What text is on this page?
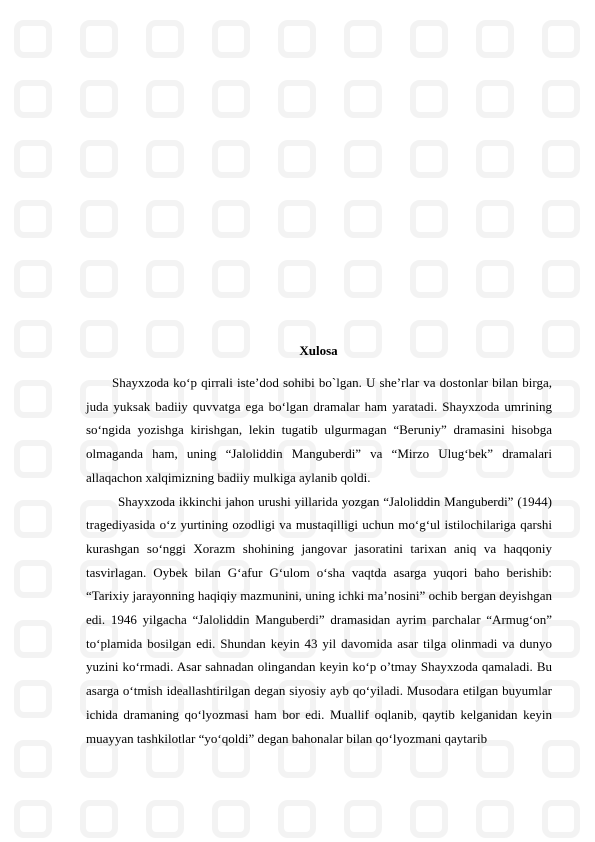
Xulosa

Shayxzoda ko‘p qirrali iste’dod sohibi bo`lgan. U she’rlar va dostonlar bilan birga, juda yuksak badiiy quvvatga ega bo‘lgan dramalar ham yaratadi. Shayxzoda umrining so‘ngida yozishga kirishgan, lekin tugatib ulgurmagan “Beruniy” dramasini hisobga olmaganda ham, uning “Jaloliddin Manguberdi” va “Mirzo Ulug‘bek” dramalari allaqachon xalqimizning badiiy mulkiga aylanib qoldi.

Shayxzoda ikkinchi jahon urushi yillarida yozgan “Jaloliddin Manguberdi” (1944) tragediyasida o‘z yurtining ozodligi va mustaqilligi uchun mo‘g‘ul istilochilariga qarshi kurashgan so‘nggi Xorazm shohining jangovar jasoratini tarixan aniq va haqqoniy tasvirlagan. Oybek bilan G‘afur G‘ulom o‘sha vaqtda asarga yuqori baho berishib: “Tarixiy jarayonning haqiqiy mazmunini, uning ichki ma’nosini” ochib bergan deyishgan edi. 1946 yilgacha “Jaloliddin Manguberdi” dramasidan ayrim parchalar “Armug‘on” to‘plamida bosilgan edi. Shundan keyin 43 yil davomida asar tilga olinmadi va dunyo yuzini ko‘rmadi. Asar sahnadan olingandan keyin ko‘p o’tmay Shayxzoda qamaladi. Bu asarga o‘tmish ideallashtirilgan degan siyosiy ayb qo‘yiladi. Musodara etilgan buyumlar ichida dramaning qo‘lyozmasi ham bor edi. Muallif oqlanib, qaytib kelganidan keyin muayyan tashkilotlar “yo‘qoldi” degan bahonalar bilan qo‘lyozmani qaytarib
